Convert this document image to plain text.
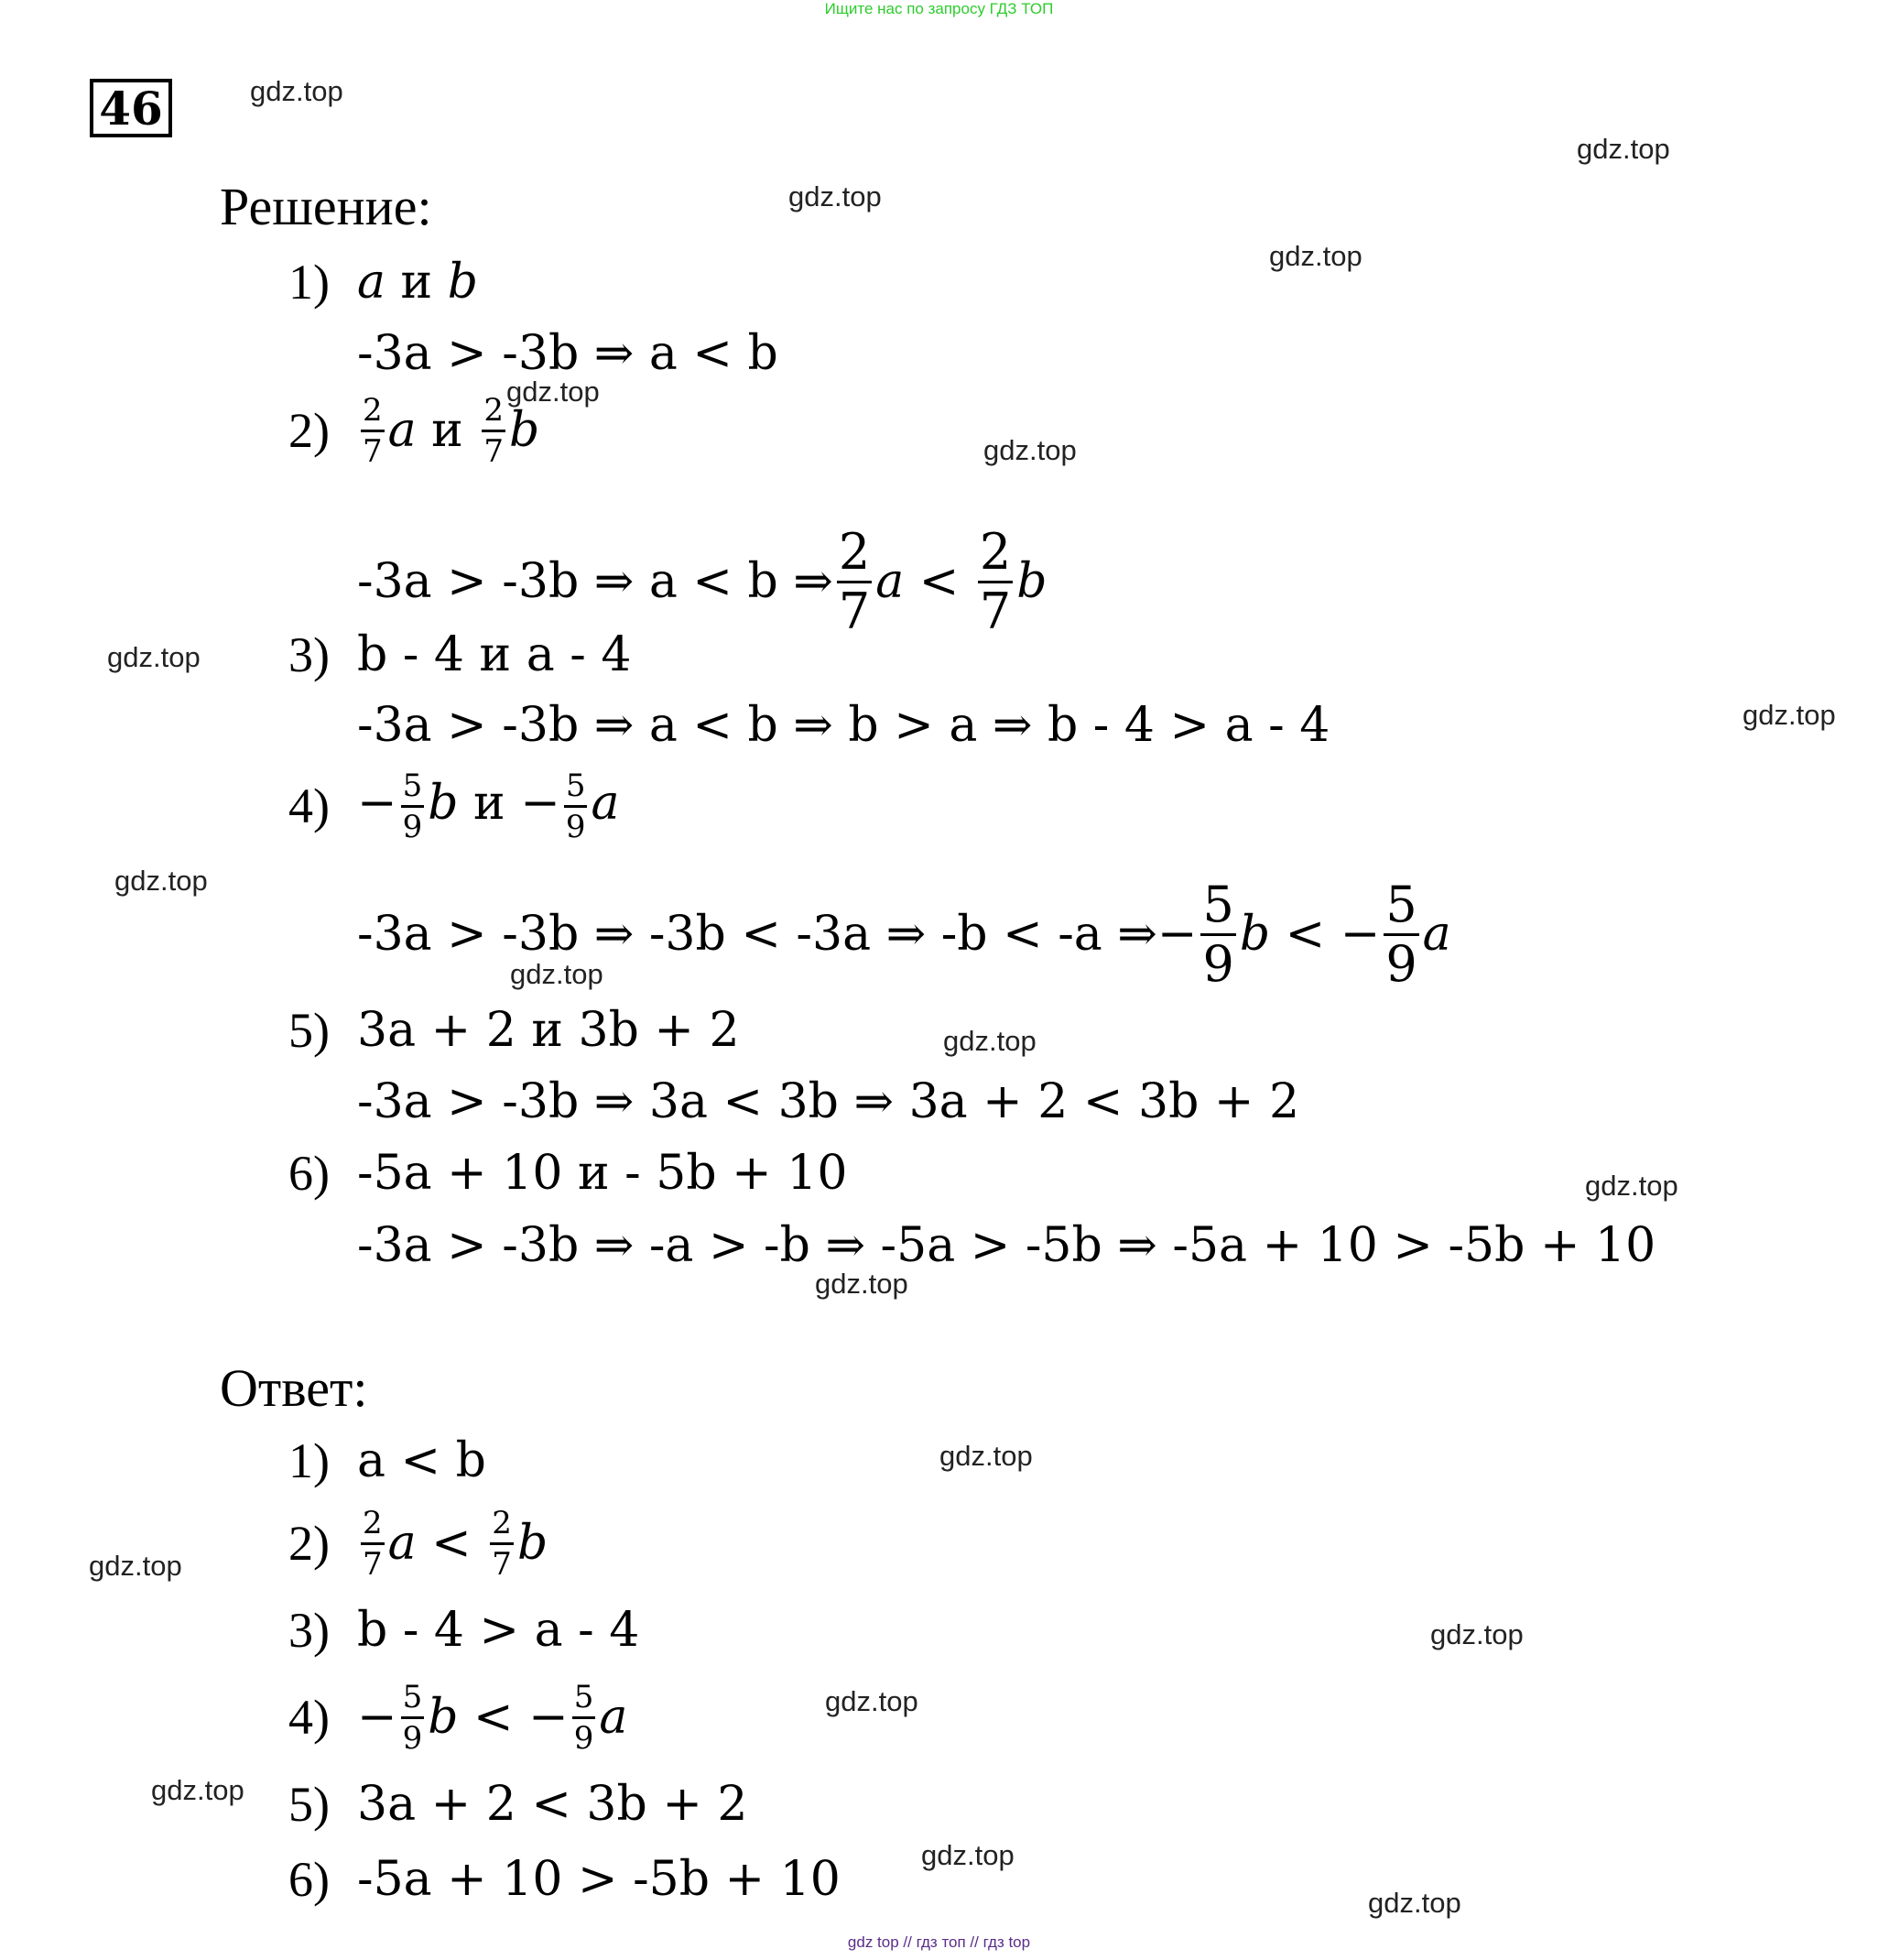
Ищите нас по запросу ГДЗ ТОП
46
Решение:
1) a и b
-3a > -3b ⇒ a < b
2)	$\frac{2}{7}$ a и $\frac{2}{7}$ b
-3a > -3b ⇒ a < b ⇒ $\frac{2}{7}$ $a < \frac{2}{7}$ b
3) b - 4 и a - 4
-3a > -3b ⇒ a < b ⇒ b > a ⇒ b - 4 > a - 4
$4) - \frac{5}{9}$ b $и - \frac{5}{9}$ a
-3a > -3b ⇒ -3b < -3a ⇒ -b < -a ⇒ − $\frac{5}{9}$ b < − $\frac{5}{9}$ a
5) 3a + 2 и 3b + 2
-3a > -3b ⇒ 3a < 3b ⇒ 3a + 2 < 3b + 2
6) -5a + 10 и - 5b + 10
-3a > -3b ⇒ -a > -b ⇒ -5a > -5b ⇒ -5a + 10 > -5b + 10
Ответ:
1) a < b
2)	$\frac{2}{7}$ $a < \frac{2}{7}$ b
3) b - 4 > a - 4
$4) - \frac{5}{9}$ b < − $\frac{5}{9}$ a
5) 3a + 2 < 3b + 2
6) -5a + 10 > -5b + 10
gdz.top
gdz.top
gdz.top
gdz.top
gdz.top
gdz.top
gdz.top
gdz.top
gdz.top
gdz.top
gdz.top
gdz.top
gdz.top
gdz.top
gdz.top
gdz.top
gdz.top
gdz.top
gdz.top
gdz.top
gdz top // гдз топ // гдз top
